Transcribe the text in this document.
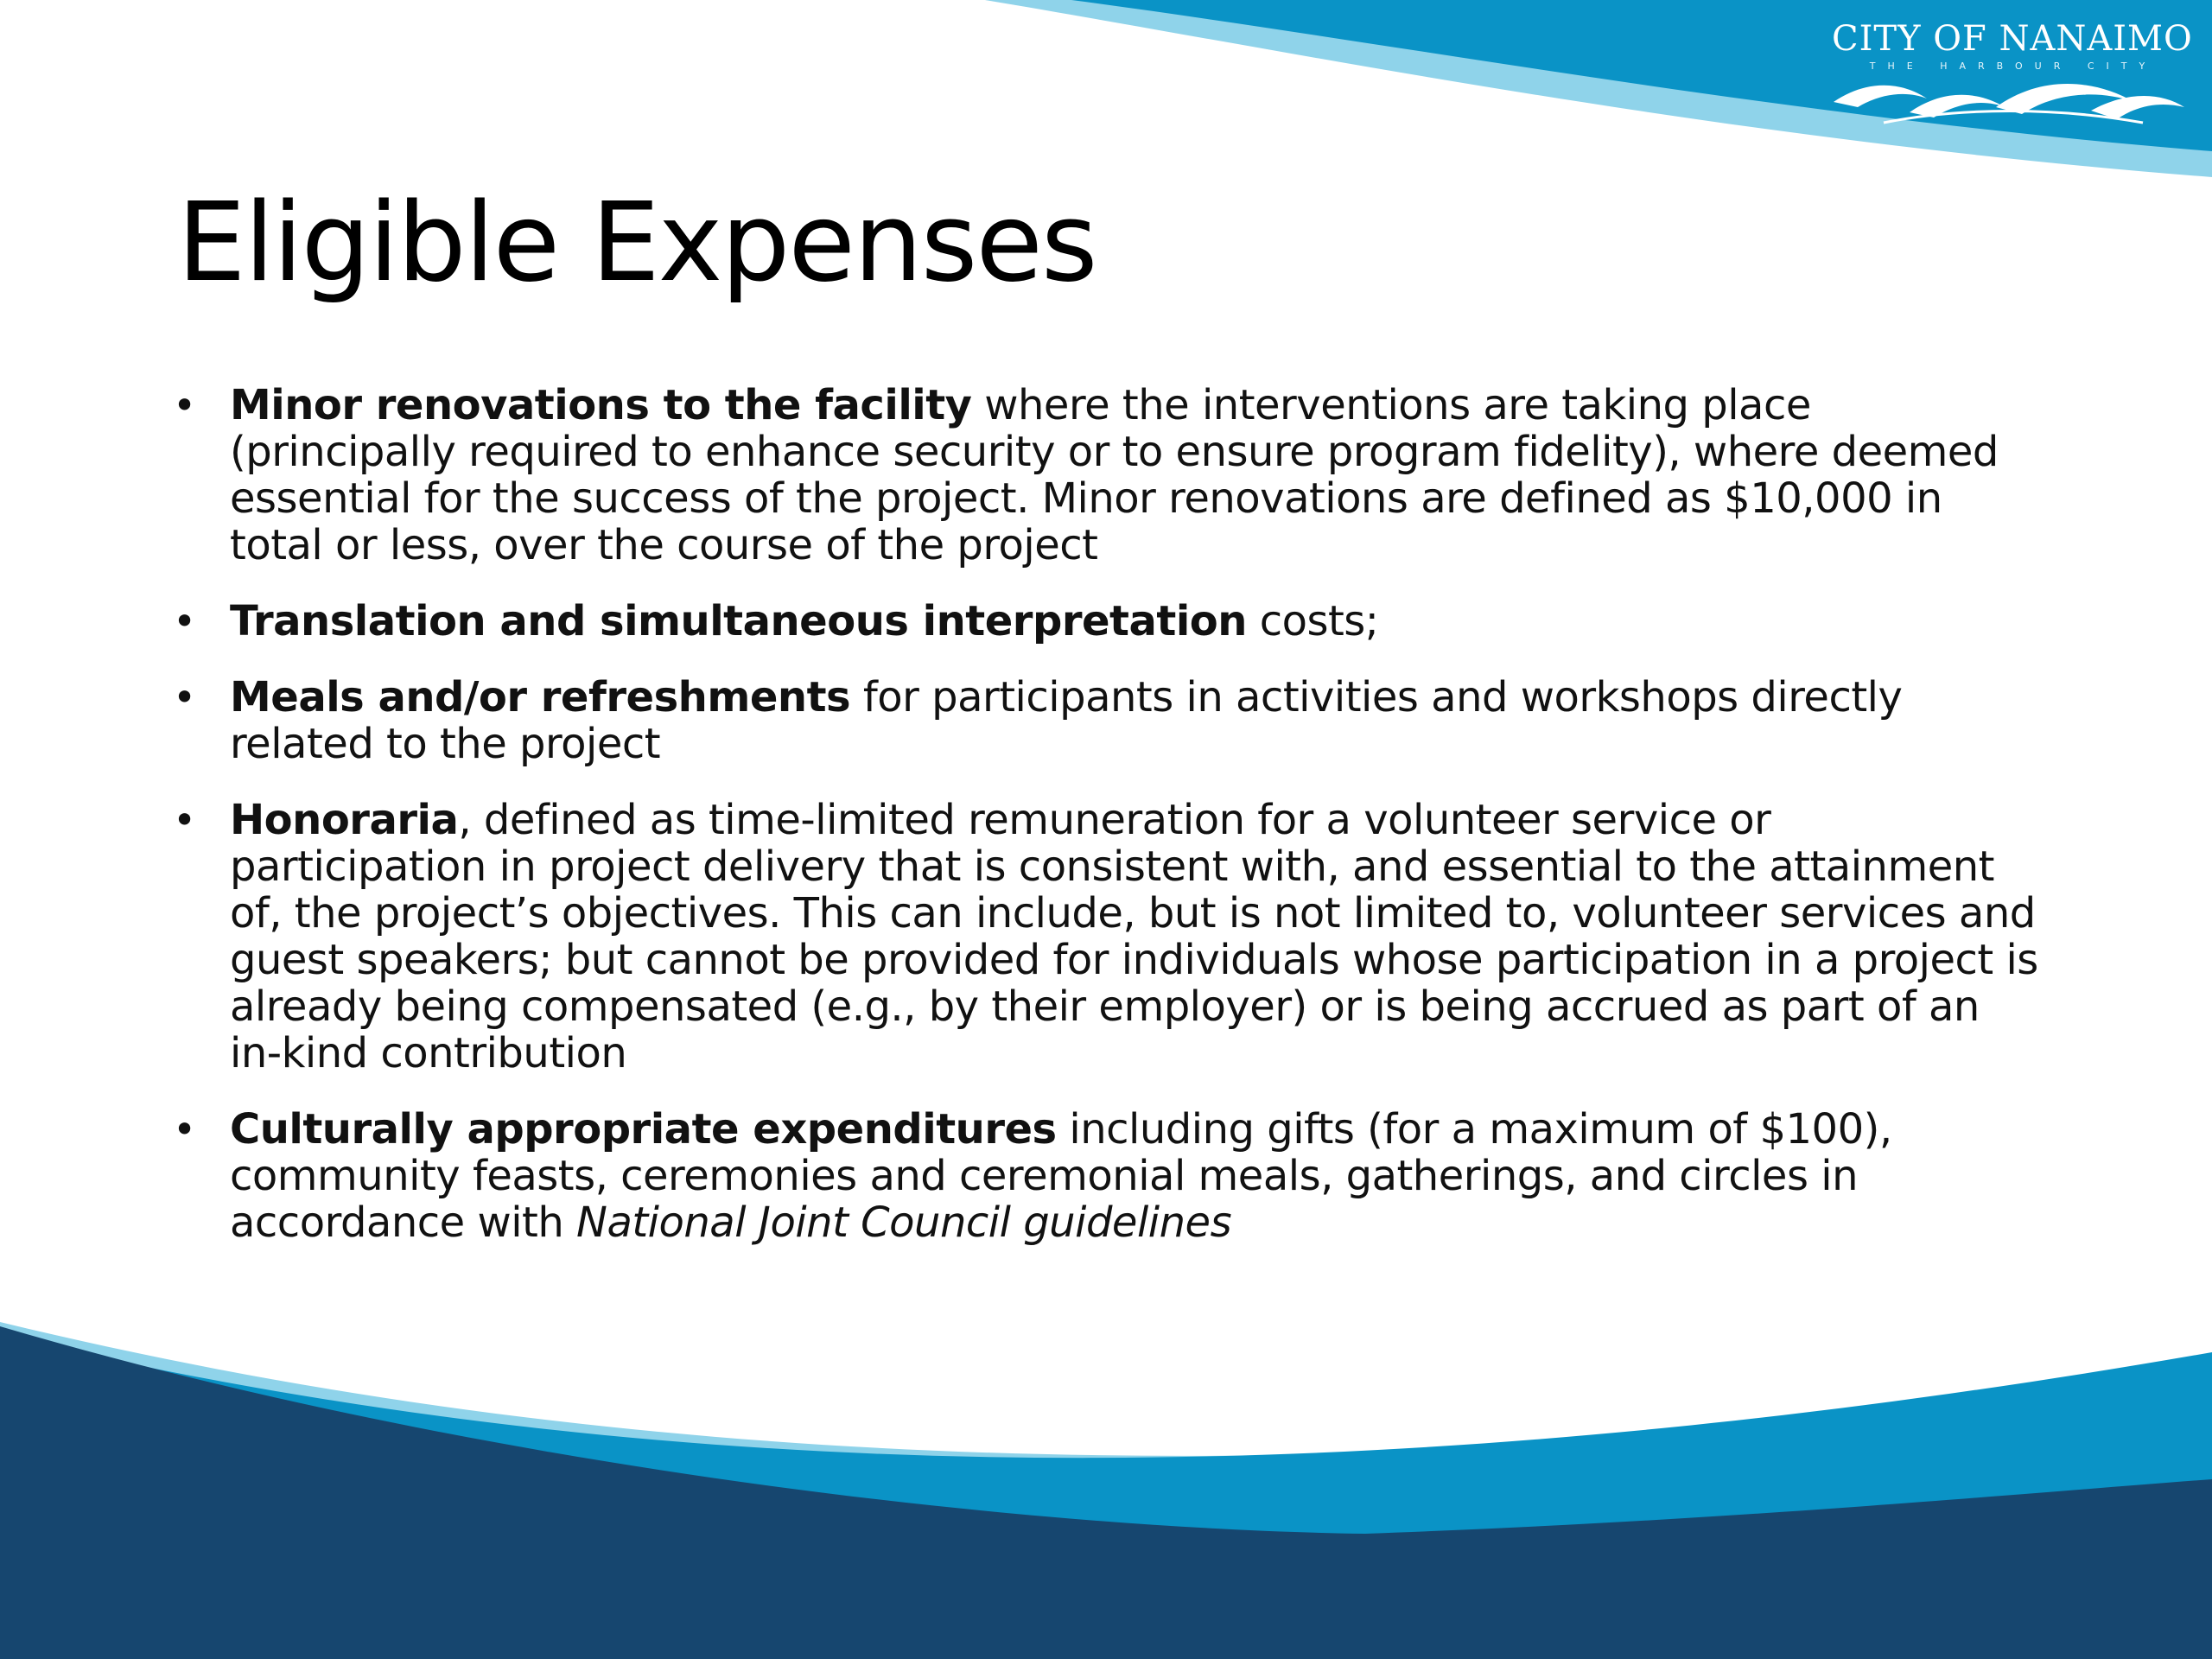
CITY OF NANAIMO
THE HARBOUR CITY
Eligible Expenses
• Minor renovations to the facility where the interventions are taking place (principally required to enhance security or to ensure program fidelity), where deemed essential for the success of the project. Minor renovations are defined as $10,000 in total or less, over the course of the project
• Translation and simultaneous interpretation costs;
• Meals and/or refreshments for participants in activities and workshops directly related to the project
• Honoraria, defined as time-limited remuneration for a volunteer service or participation in project delivery that is consistent with, and essential to the attainment of, the project’s objectives. This can include, but is not limited to, volunteer services and guest speakers; but cannot be provided for individuals whose participation in a project is already being compensated (e.g., by their employer) or is being accrued as part of an in-kind contribution
• Culturally appropriate expenditures including gifts (for a maximum of $100), community feasts, ceremonies and ceremonial meals, gatherings, and circles in accordance with National Joint Council guidelines
